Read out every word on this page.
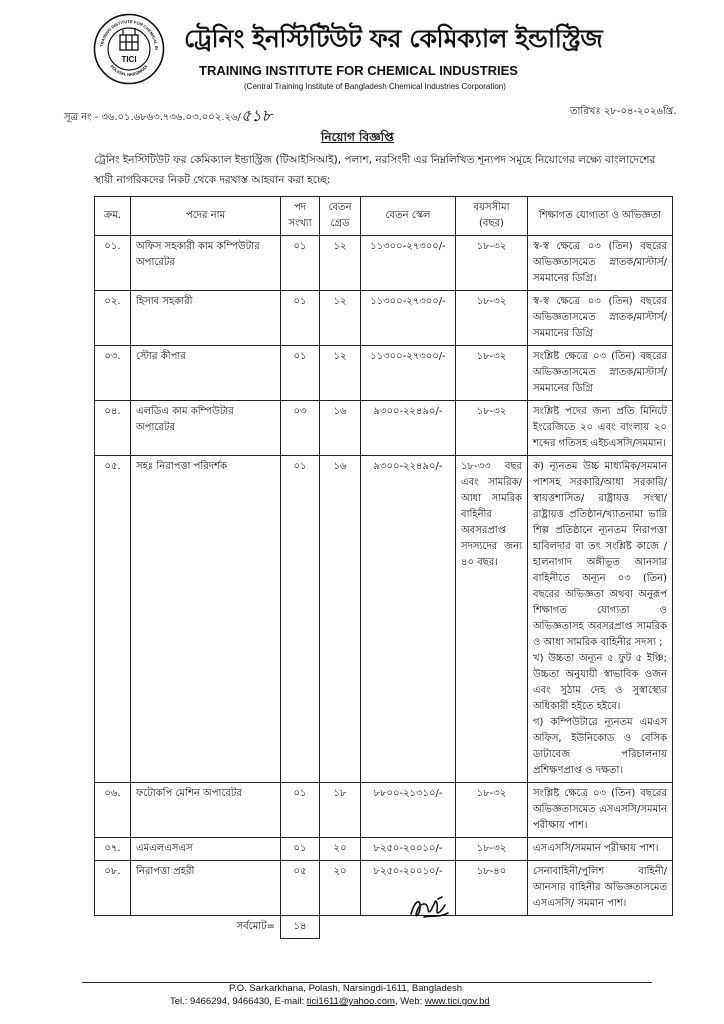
TRAINING INSTITUTE FOR CHEMICAL IN
POLASH, NARSINGDI
TICI
ট্রেনিং ইনস্টিটিউট ফর কেমিক্যাল ইন্ডাস্ট্রিজ
TRAINING INSTITUTE FOR CHEMICAL INDUSTRIES
(Central Training Institute of Bangladesh Chemical Industries Corporation)
সূত্র নং - ৩৬.০১.৬৮৬৩.৭৩৬.০৩.০০২.২৬/৫১৮	তারিখঃ ২৮-০৪-২০২৬খ্রি.
নিয়োগ বিজ্ঞপ্তি
ট্রেনিং ইনস্টিটিউট ফর কেমিক্যাল ইন্ডাস্ট্রিজ (টিআইসিআই), পলাশ, নরসিংদী এর নিম্নলিখিত শূন্যপদ সমূহে নিয়োগের লক্ষ্যে বাংলাদেশের স্থায়ী নাগরিকদের নিকট থেকে দরখাস্ত আহবান করা হচ্ছে:
ক্রম.	পদের নাম	পদ সংখ্যা	বেতন গ্রেড	বেতন স্কেল	বয়সসীমা (বছর)	শিক্ষাগত যোগ্যতা ও অভিজ্ঞতা
০১.	অফিস সহকারী কাম কম্পিউটার অপারেটর	০১	১২	১১৩০০-২৭৩০০/-	১৮-৩২	স্ব-স্ব ক্ষেত্রে ০৩ (তিন) বছরের অভিজ্ঞতাসমেত স্নাতক/মাস্টার্স/সমমানের ডিগ্রি।

০২.	হিসাব সহকারী	০১	১২	১১৩০০-২৭৩০০/-	১৮-৩২	স্ব-স্ব ক্ষেত্রে ০৩ (তিন) বছরের অভিজ্ঞতাসমেত স্নাতক/মাস্টার্স/সমমানের ডিগ্রি

০৩.	স্টোর কীপার	০১	১২	১১৩০০-২৭৩০০/-	১৮-৩২	সংশ্লিষ্ট ক্ষেত্রে ০৩ (তিন) বছরের অভিজ্ঞতাসমেত স্নাতক/মাস্টার্স/ সমমানের ডিগ্রি

০৪.	এলডিএ কাম কম্পিউটার অপারেটর	০৩	১৬	৯৩০০-২২৪৯০/-	১৮-৩২	সংশ্লিষ্ট পদের জন্য প্রতি মিনিটে ইংরেজিতে ২০ এবং বাংলায় ২০ শব্দের গতিসহ এইচএসসি/সমমান।

০৫.	সহঃ নিরাপত্তা পরিদর্শক	০১	১৬	৯৩০০-২২৪৯০/-	১৮-৩৩ বছর এবং সামরিক/আধা সামরিক বাহিনীর অবসরপ্রাপ্ত সদস্যদের জন্য ৪০ বছর।	ক) ন্যূনতম উচ্চ মাধ্যমিক/সমমান পাশসহ সরকারি/আধা সরকারি/ স্বায়ত্তশাসিত/ রাষ্ট্রায়ত্ত সংস্থা/রাষ্ট্রায়ত্ত প্রতিষ্ঠান/খ্যাতনামা ভারি শিল্প প্রতিষ্ঠানে ন্যূনতম নিরাপত্তা হাবিলদার বা তৎ সংশ্লিষ্ট কাজে / হালনাগাদ অঙ্গীভূত আনসার বাহিনীতে অন্যূন ০৩ (তিন) বছরের অভিজ্ঞতা অথবা অনুরূপ শিক্ষাগত যোগ্যতা ও অভিজ্ঞতাসহ অবসরপ্রাপ্ত সামরিক ও আধা সামরিক বাহিনীর সদস্য ;
খ) উচ্চতা অন্যূন ৫ ফুট ৫ ইঞ্চি; উচ্চতা অনুযায়ী স্বাভাবিক ওজন এবং সুঠাম দেহ ও সুস্বাস্থ্যের অধিকারী হইতে হইবে।
গ) কম্পিউটারে ন্যূনতম এমএস অফিস, ইউনিকোড ও বেসিক ডাটাবেজ পরিচালনায় প্রশিক্ষণপ্রাপ্ত ও দক্ষতা।

০৬.	ফটোকপি মেশিন অপারেটর	০১	১৮	৮৮০০-২১৩১০/-	১৮-৩২	সংশ্লিষ্ট ক্ষেত্রে ০৩ (তিন) বছরের অভিজ্ঞতাসমেত এসএসসি/সমমান পরীক্ষায় পাশ।

০৭.	এমএলএসএস	০১	২০	৮২৫০-২০০১০/-	১৮-৩২	এসএসসি/সমমান পরীক্ষায় পাশ।

০৮.	নিরাপত্তা প্রহরী	০৫	২০	৮২৫০-২০০১০/-	১৮-৪০	সেনাবাহিনী/পুলিশ বাহিনী/ আনসার বাহিনীর অভিজ্ঞতাসমেত এসএসসি/ সমমান পাশ।

সর্বমোট=		১৪				
P.O. Sarkarkhana, Polash, Narsingdi-1611, Bangladesh
Tel.: 9466294, 9466430, E-mail: tici1611@yahoo.com, Web: www.tici.gov.bd
